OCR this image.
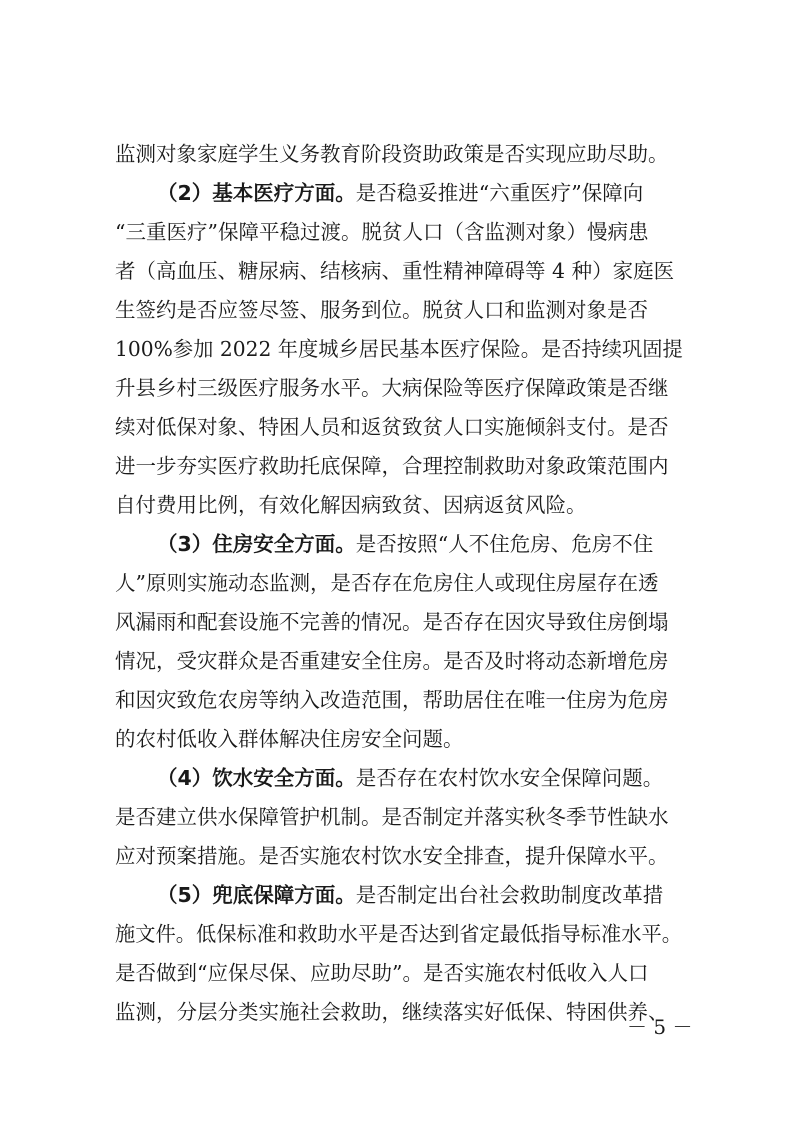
监测对象家庭学生义务教育阶段资助政策是否实现应助尽助。
（2）基本医疗方面。是否稳妥推进“六重医疗”保障向
“三重医疗”保障平稳过渡。脱贫人口（含监测对象）慢病患
者（高血压、糖尿病、结核病、重性精神障碍等 4 种）家庭医
生签约是否应签尽签、服务到位。脱贫人口和监测对象是否
100%参加 2022 年度城乡居民基本医疗保险。是否持续巩固提
升县乡村三级医疗服务水平。大病保险等医疗保障政策是否继
续对低保对象、特困人员和返贫致贫人口实施倾斜支付。是否
进一步夯实医疗救助托底保障，合理控制救助对象政策范围内
自付费用比例，有效化解因病致贫、因病返贫风险。
（3）住房安全方面。是否按照“人不住危房、危房不住
人”原则实施动态监测，是否存在危房住人或现住房屋存在透
风漏雨和配套设施不完善的情况。是否存在因灾导致住房倒塌
情况，受灾群众是否重建安全住房。是否及时将动态新增危房
和因灾致危农房等纳入改造范围，帮助居住在唯一住房为危房
的农村低收入群体解决住房安全问题。
（4）饮水安全方面。是否存在农村饮水安全保障问题。
是否建立供水保障管护机制。是否制定并落实秋冬季节性缺水
应对预案措施。是否实施农村饮水安全排查，提升保障水平。
（5）兜底保障方面。是否制定出台社会救助制度改革措
施文件。低保标准和救助水平是否达到省定最低指导标准水平。
是否做到“应保尽保、应助尽助”。是否实施农村低收入人口
监测，分层分类实施社会救助，继续落实好低保、特困供养、
－ 5 －
